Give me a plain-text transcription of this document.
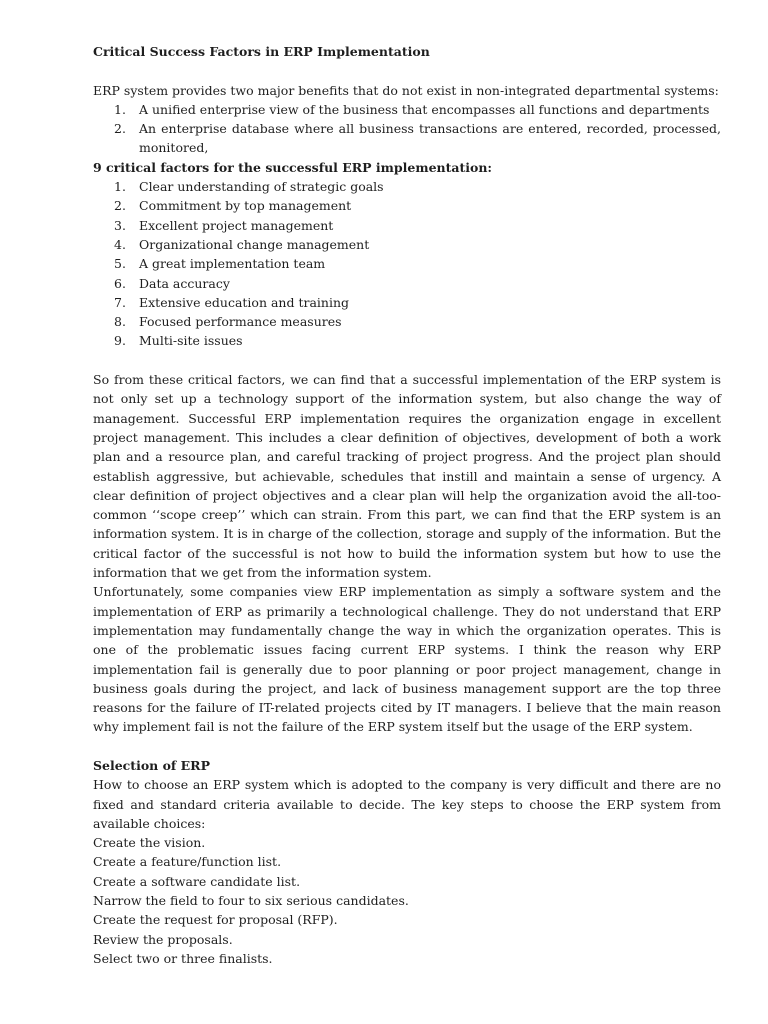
Critical Success Factors in ERP Implementation

ERP system provides two major benefits that do not exist in non-integrated departmental systems:

1. A unified enterprise view of the business that encompasses all functions and departments
2. An enterprise database where all business transactions are entered, recorded, processed, monitored,

9 critical factors for the successful ERP implementation:

1. Clear understanding of strategic goals
2. Commitment by top management
3. Excellent project management
4. Organizational change management
5. A great implementation team
6. Data accuracy
7. Extensive education and training
8. Focused performance measures
9. Multi-site issues

So from these critical factors, we can find that a successful implementation of the ERP system is not only set up a technology support of the information system, but also change the way of management. Successful ERP implementation requires the organization engage in excellent project management. This includes a clear definition of objectives, development of both a work plan and a resource plan, and careful tracking of project progress. And the project plan should establish aggressive, but achievable, schedules that instill and maintain a sense of urgency. A clear definition of project objectives and a clear plan will help the organization avoid the all-too-common ‘‘scope creep’’ which can strain. From this part, we can find that the ERP system is an information system. It is in charge of the collection, storage and supply of the information. But the critical factor of the successful is not how to build the information system but how to use the information that we get from the information system.

Unfortunately, some companies view ERP implementation as simply a software system and the implementation of ERP as primarily a technological challenge. They do not understand that ERP implementation may fundamentally change the way in which the organization operates. This is one of the problematic issues facing current ERP systems. I think the reason why ERP implementation fail is generally due to poor planning or poor project management, change in business goals during the project, and lack of business management support are the top three reasons for the failure of IT-related projects cited by IT managers. I believe that the main reason why implement fail is not the failure of the ERP system itself but the usage of the ERP system.

Selection of ERP

How to choose an ERP system which is adopted to the company is very difficult and there are no fixed and standard criteria available to decide. The key steps to choose the ERP system from available choices:

Create the vision.
Create a feature/function list.
Create a software candidate list.
Narrow the field to four to six serious candidates.
Create the request for proposal (RFP).
Review the proposals.
Select two or three finalists.
